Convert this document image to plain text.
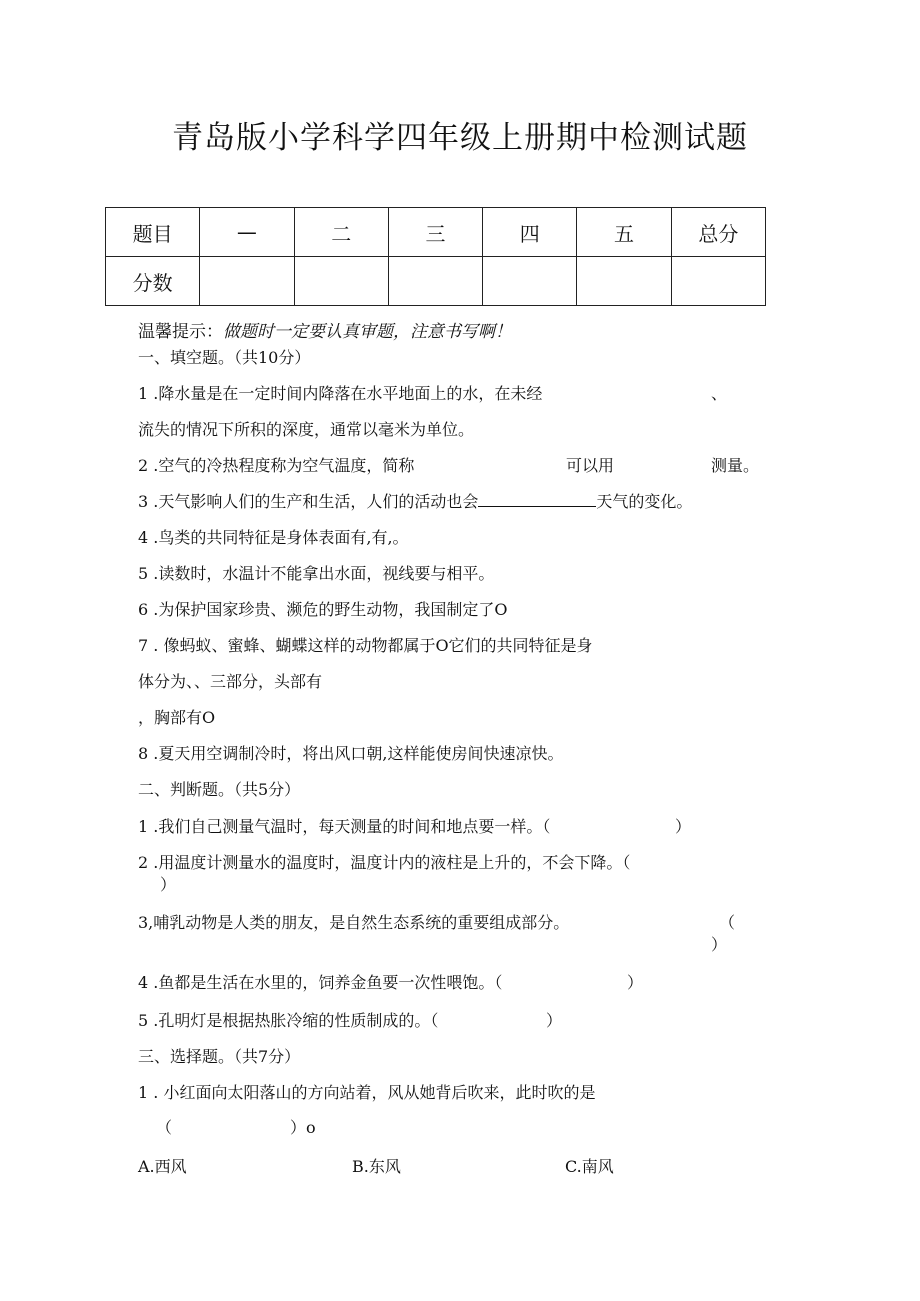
青岛版小学科学四年级上册期中检测试题
题目	—	二	三	四	五	总分
分数						
温馨提示：做题时一定要认真审题，注意书写啊！
一、填空题。（共10分）
1 .降水量是在一定时间内降落在水平地面上的水，在未经	、
流失的情况下所积的深度，通常以毫米为单位。
2 .空气的冷热程度称为空气温度，简称	可以用	测量。
3 .天气影响人们的生产和生活，人们的活动也会	天气的变化。
4 .鸟类的共同特征是身体表面有,有,。
5 .读数时，水温计不能拿出水面，视线要与相平。
6 .为保护国家珍贵、濒危的野生动物，我国制定了O
7 . 像蚂蚁、蜜蜂、蝴蝶这样的动物都属于O它们的共同特征是身
体分为、、三部分，头部有
，胸部有O
8 .夏天用空调制冷时，将出风口朝,这样能使房间快速凉快。
二、判断题。（共5分）
1 .我们自己测量气温时，每天测量的时间和地点要一样。（	）
2 .用温度计测量水的温度时，温度计内的液柱是上升的，不会下降。（
）
3,哺乳动物是人类的朋友，是自然生态系统的重要组成部分。	（
）
4 .鱼都是生活在水里的，饲养金鱼要一次性喂饱。（	）
5 .孔明灯是根据热胀冷缩的性质制成的。（	）
三、选择题。（共7分）
1 . 小红面向太阳落山的方向站着，风从她背后吹来，此时吹的是
（	）o
A.西风	B.东风	C.南风
